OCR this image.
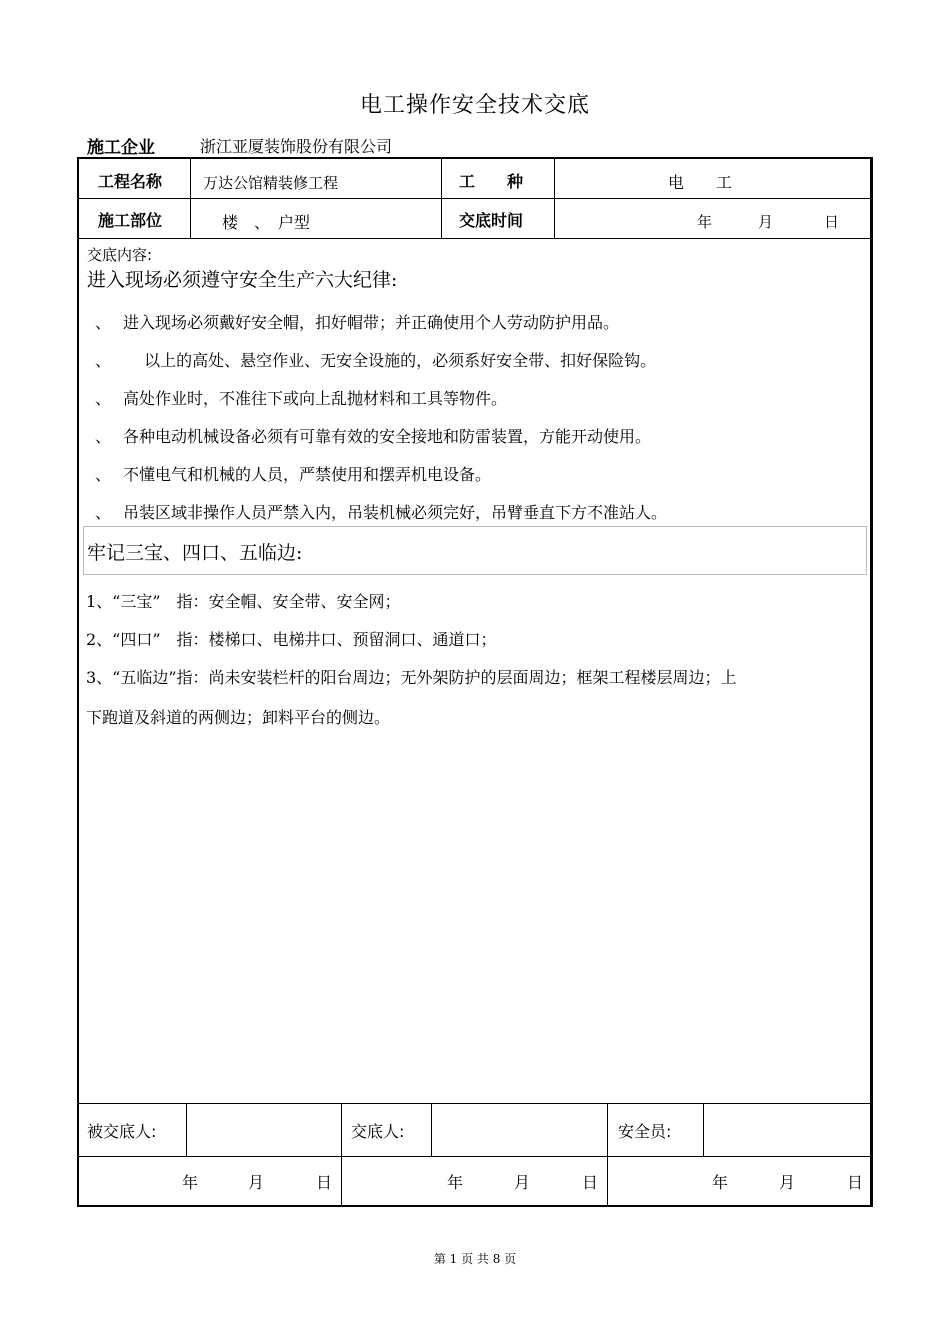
电工操作安全技术交底
施工企业	浙江亚厦装饰股份有限公司
工程名称	万达公馆精装修工程	工　　种	电　　工
施工部位	楼　、　户型	交底时间	年	月	日
交底内容:
进入现场必须遵守安全生产六大纪律:
、 进入现场必须戴好安全帽，扣好帽带；并正确使用个人劳动防护用品。
、　 以上的高处、悬空作业、无安全设施的，必须系好安全带、扣好保险钩。
、 高处作业时，不准往下或向上乱抛材料和工具等物件。
、 各种电动机械设备必须有可靠有效的安全接地和防雷装置，方能开动使用。
、 不懂电气和机械的人员，严禁使用和摆弄机电设备。
、 吊装区域非操作人员严禁入内，吊装机械必须完好，吊臂垂直下方不准站人。
牢记三宝、四口、五临边:
1、“三宝”　指：安全帽、安全带、安全网；
2、“四口”　指：楼梯口、电梯井口、预留洞口、通道口；
3、“五临边”指：尚未安装栏杆的阳台周边；无外架防护的层面周边；框架工程楼层周边；上
下跑道及斜道的两侧边；卸料平台的侧边。
被交底人:	交底人:	安全员:
年	月	日	年	月	日	年	月	日
第 1 页 共 8 页
